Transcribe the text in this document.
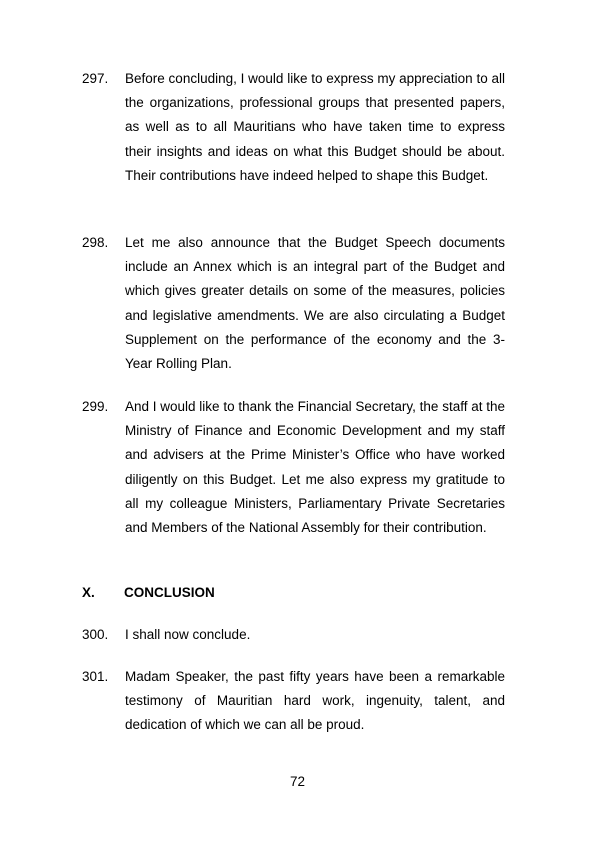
297. Before concluding, I would like to express my appreciation to all the organizations, professional groups that presented papers, as well as to all Mauritians who have taken time to express their insights and ideas on what this Budget should be about. Their contributions have indeed helped to shape this Budget.
298. Let me also announce that the Budget Speech documents include an Annex which is an integral part of the Budget and which gives greater details on some of the measures, policies and legislative amendments. We are also circulating a Budget Supplement on the performance of the economy and the 3-Year Rolling Plan.
299. And I would like to thank the Financial Secretary, the staff at the Ministry of Finance and Economic Development and my staff and advisers at the Prime Minister’s Office who have worked diligently on this Budget. Let me also express my gratitude to all my colleague Ministers, Parliamentary Private Secretaries and Members of the National Assembly for their contribution.
X. CONCLUSION
300. I shall now conclude.
301. Madam Speaker, the past fifty years have been a remarkable testimony of Mauritian hard work, ingenuity, talent, and dedication of which we can all be proud.
72
